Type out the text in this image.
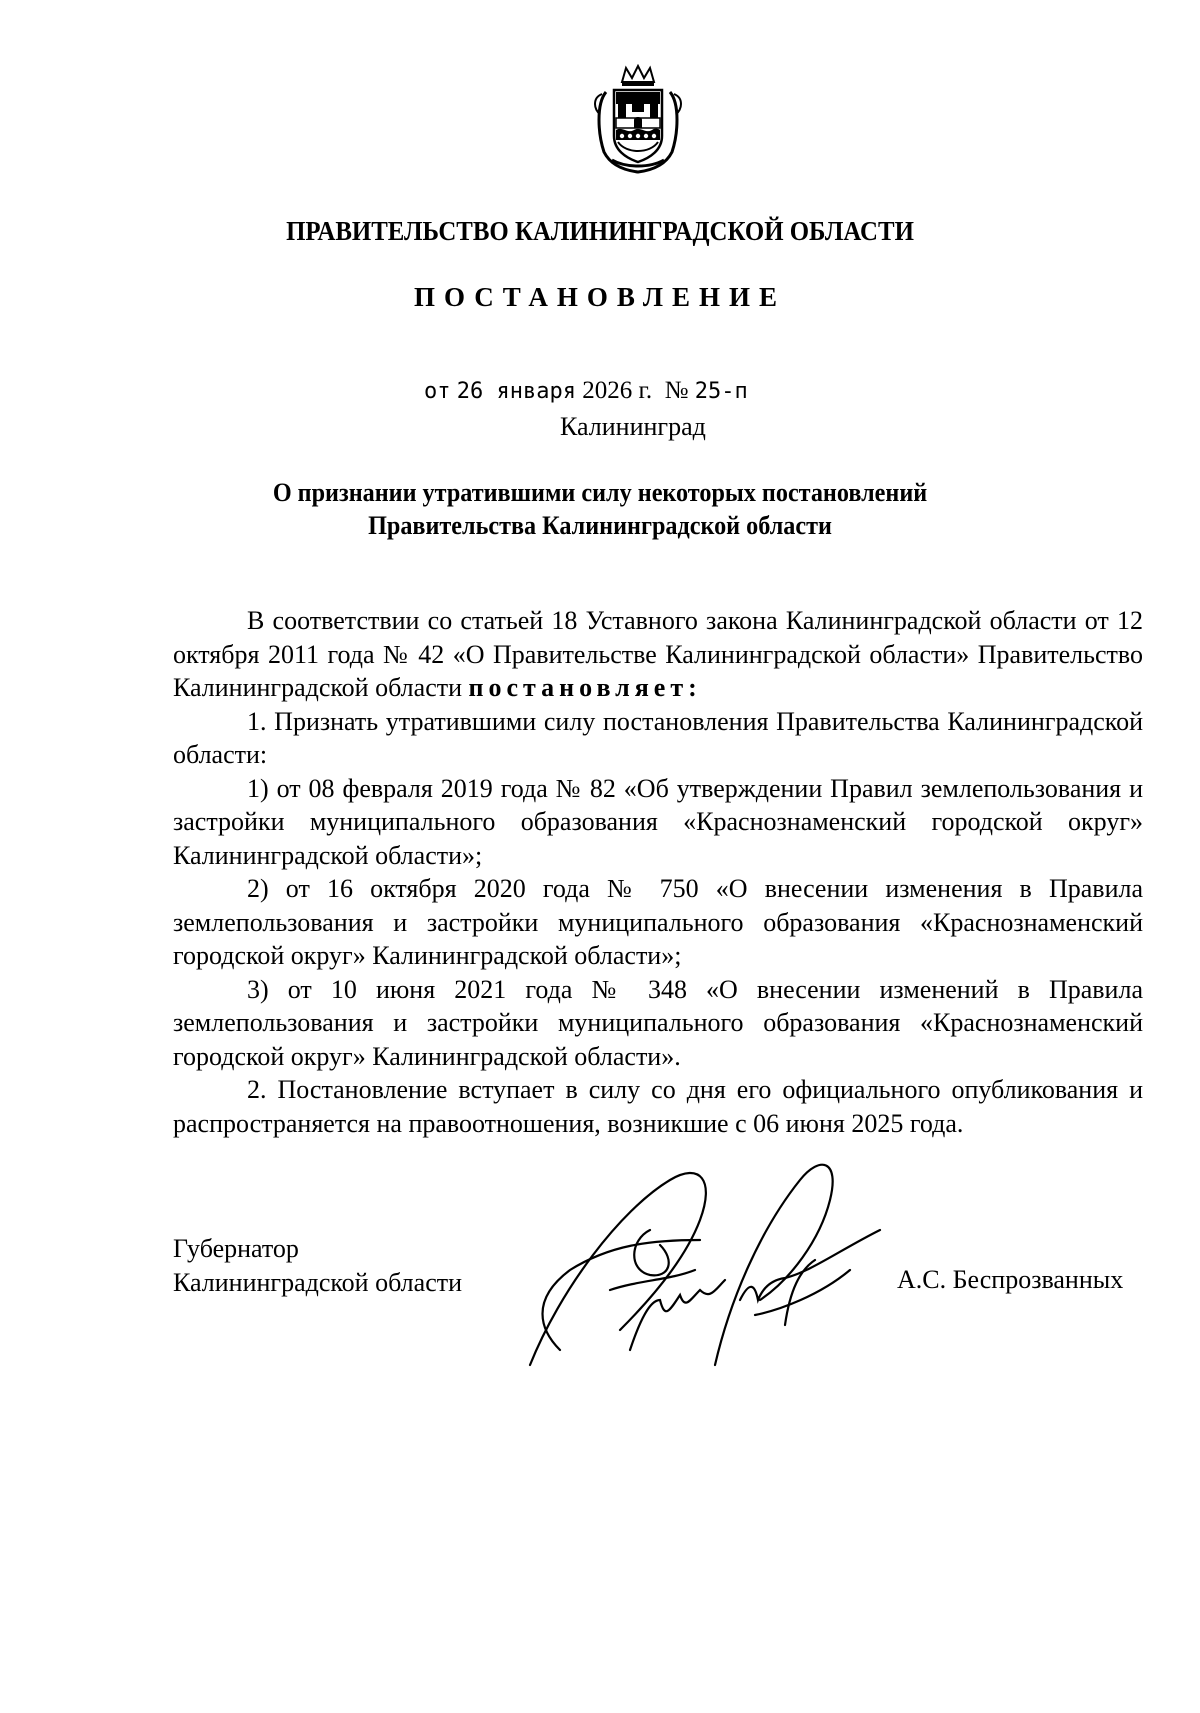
ПРАВИТЕЛЬСТВО КАЛИНИНГРАДСКОЙ ОБЛАСТИ
ПОСТАНОВЛЕНИЕ
от 26 января 2026 г. № 25-п
Калининград
О признании утратившими силу некоторых постановлений
Правительства Калининградской области

В соответствии со статьей 18 Уставного закона Калининградской области от 12 октября 2011 года № 42 «О Правительстве Калининградской области» Правительство Калининградской области постановляет:

1. Признать утратившими силу постановления Правительства Калининградской области:

1) от 08 февраля 2019 года № 82 «Об утверждении Правил землепользования и застройки муниципального образования «Краснознаменский городской округ» Калининградской области»;

2) от 16 октября 2020 года № 750 «О внесении изменения в Правила землепользования и застройки муниципального образования «Краснознаменский городской округ» Калининградской области»;

3) от 10 июня 2021 года № 348 «О внесении изменений в Правила землепользования и застройки муниципального образования «Краснознаменский городской округ» Калининградской области».

2. Постановление вступает в силу со дня его официального опубликования и распространяется на правоотношения, возникшие с 06 июня 2025 года.

Губернатор
Калининградской области	А.С. Беспрозванных
